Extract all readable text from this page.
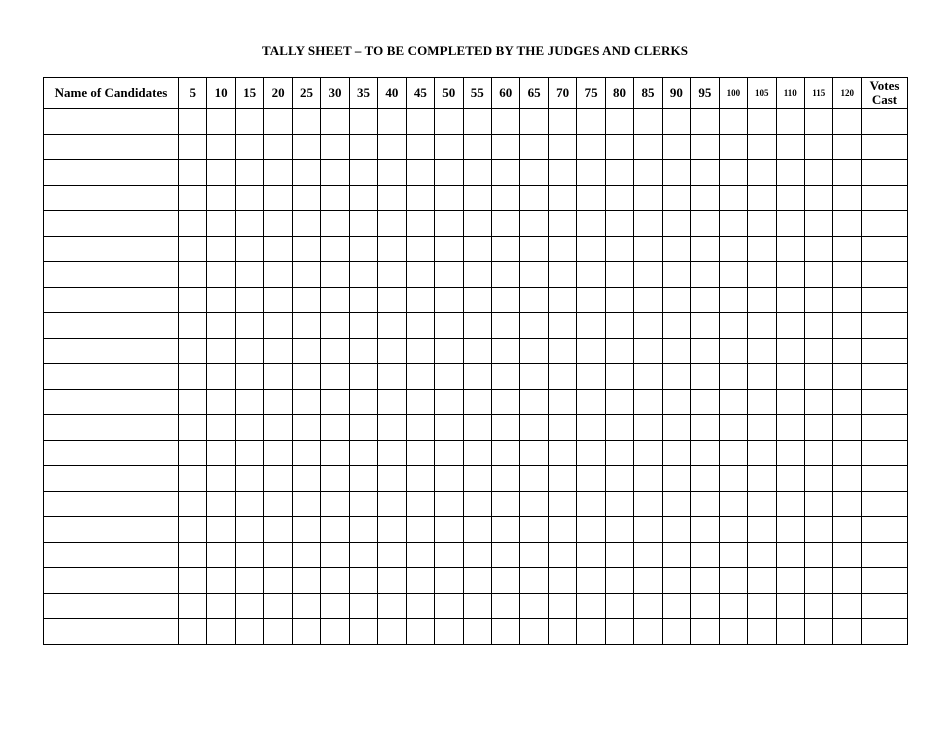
TALLY SHEET – TO BE COMPLETED BY THE JUDGES AND CLERKS
Name of Candidates	5	10	15	20	25	30	35	40	45	50	55	60	65	70	75	80	85	90	95	100	105	110	115	120	Votes
Cast
